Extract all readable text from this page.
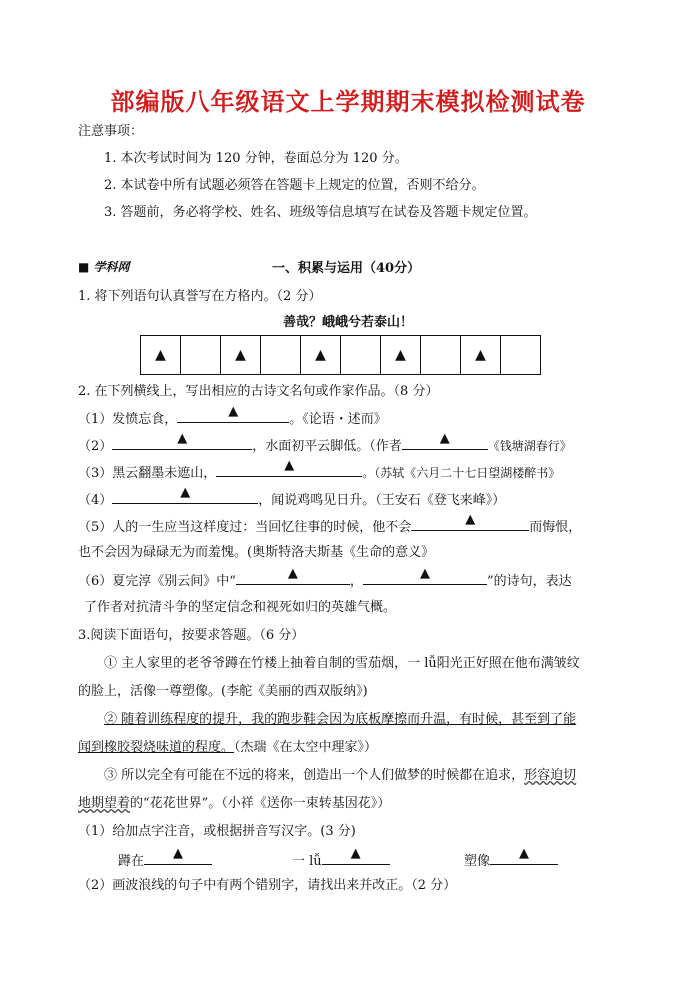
部编版八年级语文上学期期末模拟检测试卷
注意事项：
1. 本次考试时间为 120 分钟，卷面总分为 120 分。
2. 本试卷中所有试题必须答在答题卡上规定的位置，否则不给分。
3. 答题前，务必将学校、姓名、班级等信息填写在试卷及答题卡规定位置。
■ 学科网	一、积累与运用（40分）
1. 将下列语句认真誉写在方格内。（2 分）
善哉？峨峨兮若泰山！
▲		▲		▲		▲		▲	
2. 在下列横线上，写出相应的古诗文名句或作家作品。（8 分）
（1）发愤忘食，
▲
。《论语・述而》
（2）
▲
，水面初平云脚低。（作者
▲	《钱塘湖春行》
（3）黑云翻墨未遮山，
▲	。（苏轼《六月二十七日望湖楼醉书》
（4）
▲
，闻说鸡鸣见日升。（王安石《登飞来峰》）
（5）人的一生应当这样度过：当回忆往事的时候，他不会
▲
而悔恨，
也不会因为碌碌无为而羞愧。(奥斯特洛夫斯基《生命的意义》
（6）夏完淳《别云间》中“
▲
，
▲
”的诗句，表达
了作者对抗清斗争的坚定信念和视死如归的英雄气概。
3.阅读下面语句，按要求答题。（6 分）
① 主人家里的老爷爷蹲在竹楼上抽着自制的雪茄烟，一 lǚ阳光正好照在他布满皱纹
的脸上，活像一尊塑像。(李舵《美丽的西双版纳》)
② 随着训练程度的提升，我的跑步鞋会因为底板摩擦而升温，有时候，甚至到了能
闻到橡胶裂烧味道的程度。（杰瑞《在太空中理家》）
③ 所以完全有可能在不远的将来，创造出一个人们做梦的时候都在追求，形容迫切
地期望着的“花花世界”。（小祥《送你一束转基因花》）
（1）给加点字注音，或根据拼音写汉字。(3 分)
蹲在
▲
一 lǚ
▲
塑像
▲
（2）画波浪线的句子中有两个错别字，请找出来并改正。（2 分）
